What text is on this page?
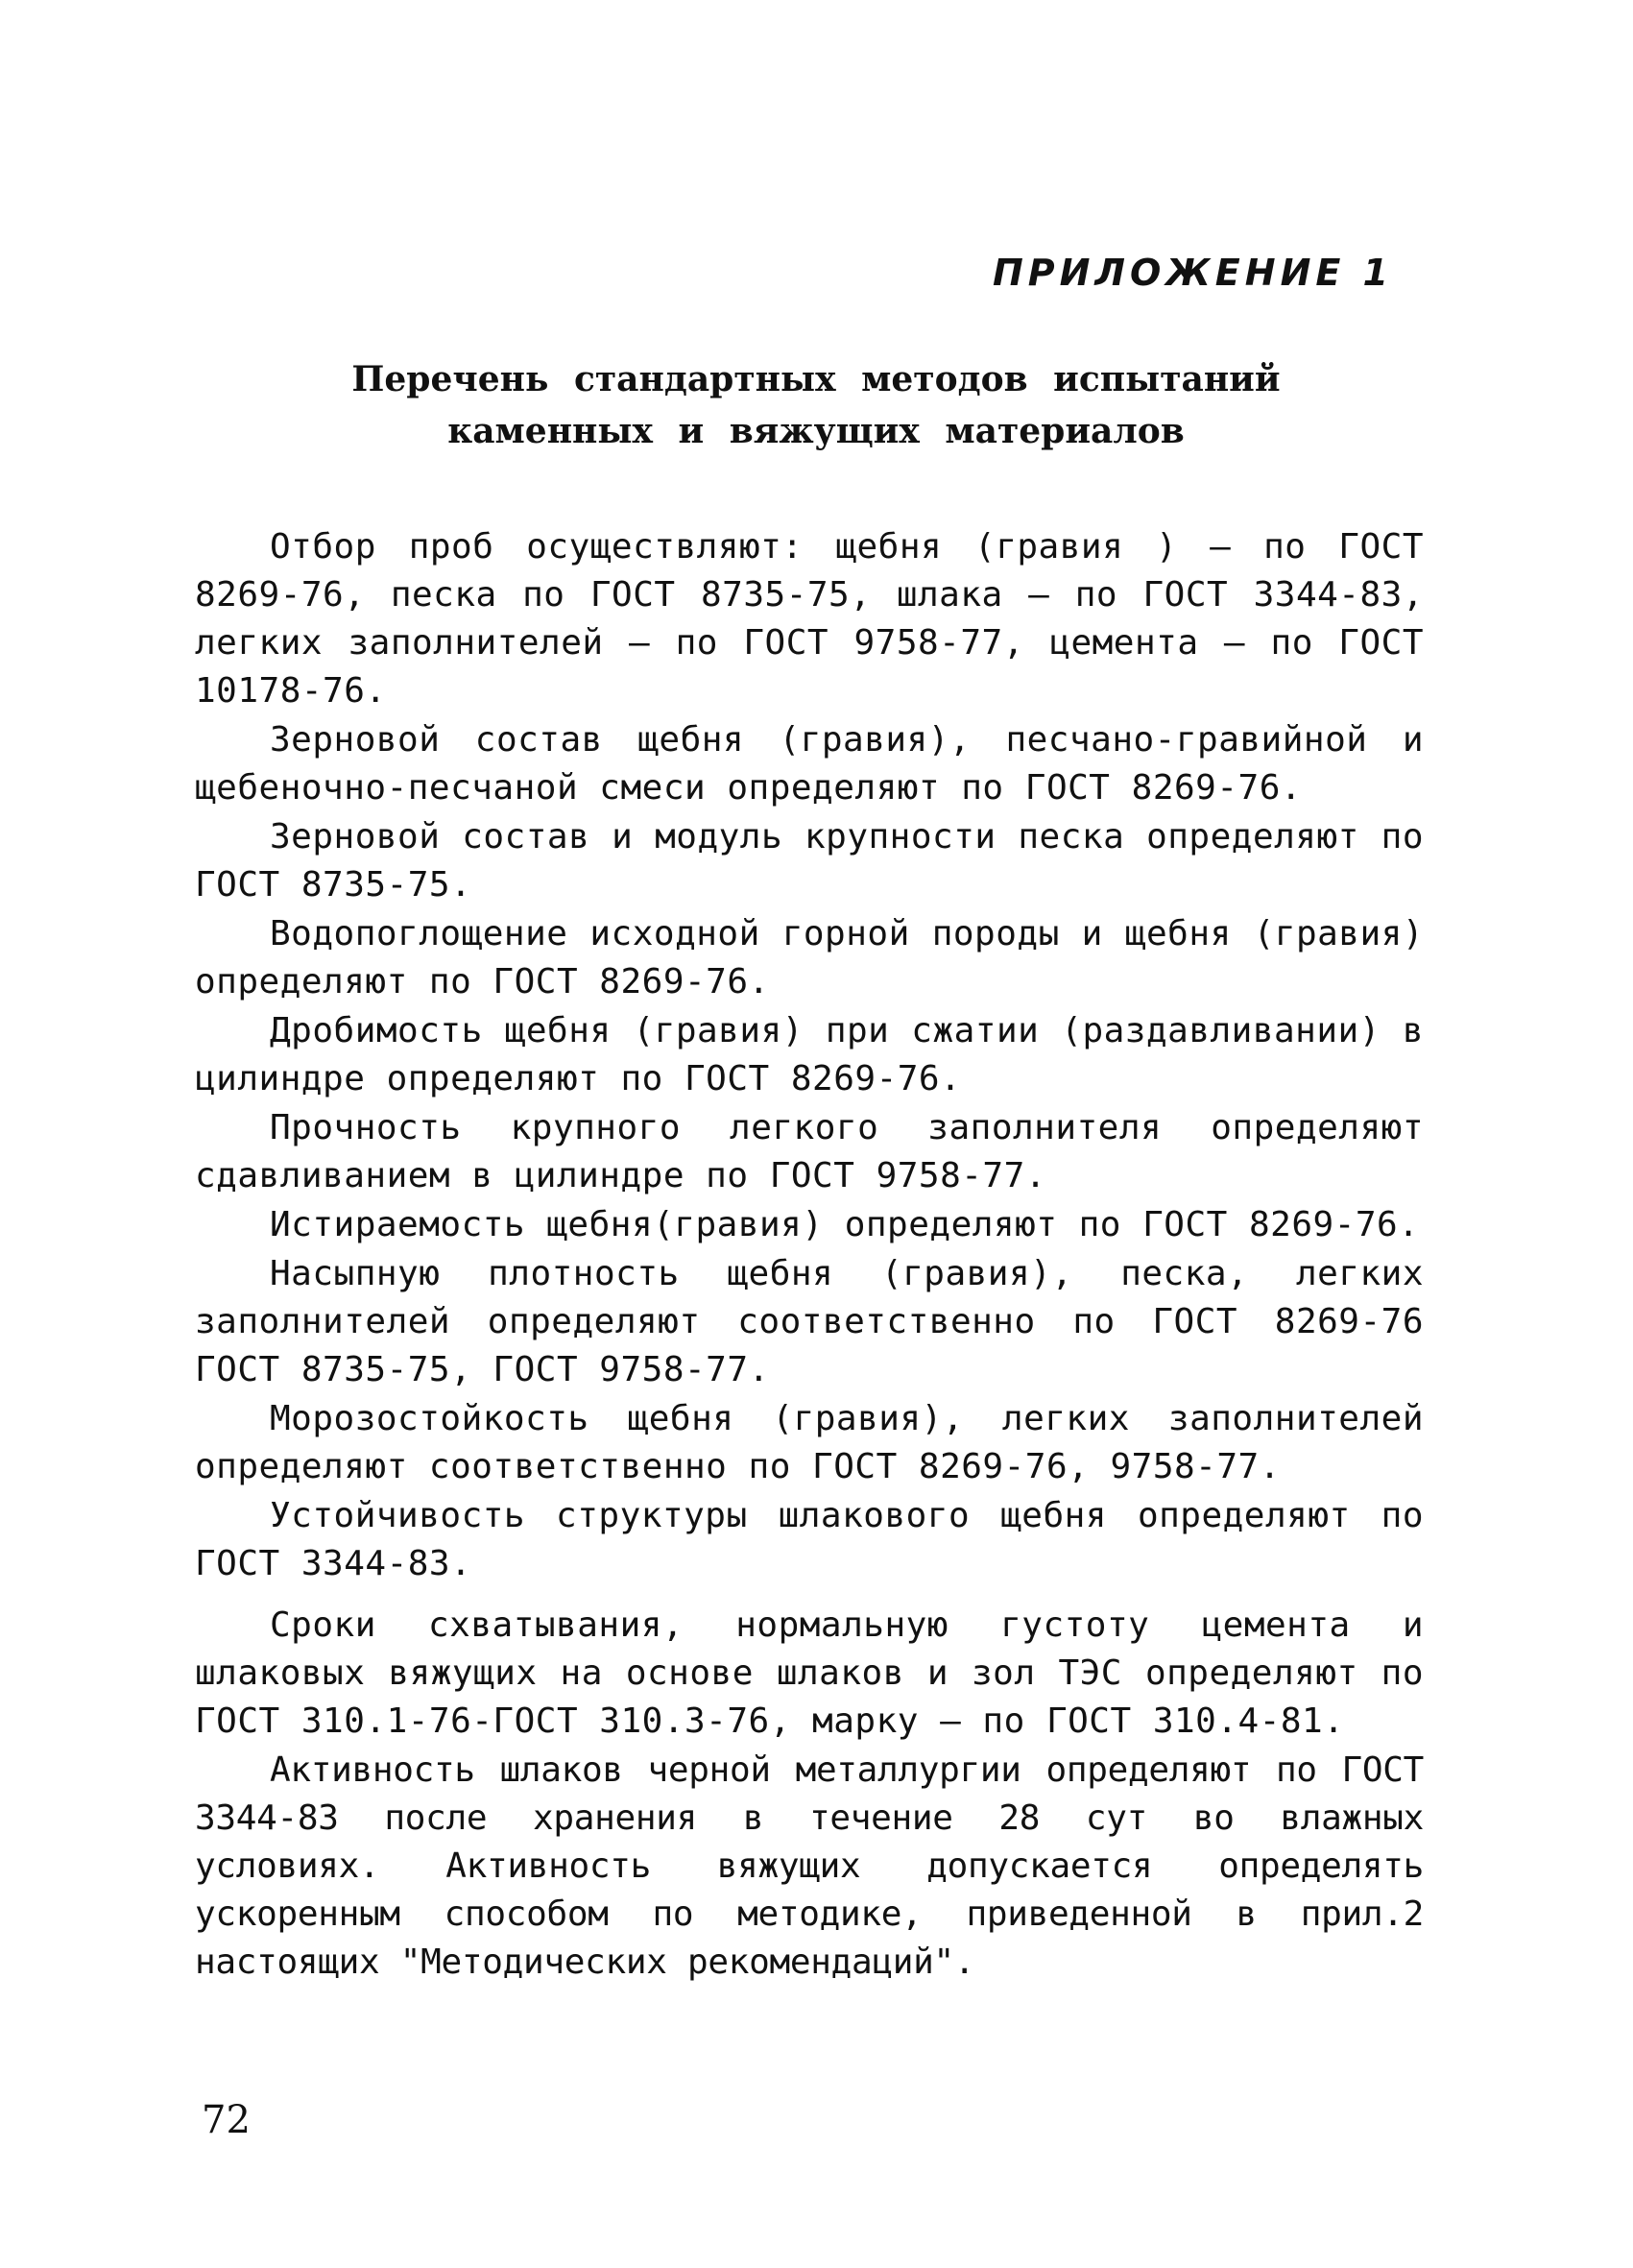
ПРИЛОЖЕНИЕ 1

Перечень стандартных методов испытаний
каменных и вяжущих материалов

Отбор проб осуществляют: щебня (гравия ) – по ГОСТ 8269-76, песка по ГОСТ 8735-75, шлака – по ГОСТ 3344-83, легких заполнителей – по ГОСТ 9758-77, цемента – по ГОСТ 10178-76.

Зерновой состав щебня (гравия), песчано-гравийной и щебеночно-песчаной смеси определяют по ГОСТ 8269-76.

Зерновой состав и модуль крупности песка определяют по ГОСТ 8735-75.

Водопоглощение исходной горной породы и щебня (гравия) определяют по ГОСТ 8269-76.

Дробимость щебня (гравия) при сжатии (раздавливании) в цилиндре определяют по ГОСТ 8269-76.

Прочность крупного легкого заполнителя определяют сдавливанием в цилиндре по ГОСТ 9758-77.

Истираемость щебня(гравия) определяют по ГОСТ 8269-76.

Насыпную плотность щебня (гравия), песка, легких заполнителей определяют соответственно по ГОСТ 8269-76 ГОСТ 8735-75, ГОСТ 9758-77.

Морозостойкость щебня (гравия), легких заполнителей определяют соответственно по ГОСТ 8269-76, 9758-77.

Устойчивость структуры шлакового щебня определяют по ГОСТ 3344-83.

Сроки схватывания, нормальную густоту цемента и шлаковых вяжущих на основе шлаков и зол ТЭС определяют по ГОСТ 310.1-76-ГОСТ 310.3-76, марку – по ГОСТ 310.4-81.

Активность шлаков черной металлургии определяют по ГОСТ 3344-83 после хранения в течение 28 сут во влажных условиях. Активность вяжущих допускается определять ускоренным способом по методике, приведенной в прил.2 настоящих "Методических рекомендаций".

72
